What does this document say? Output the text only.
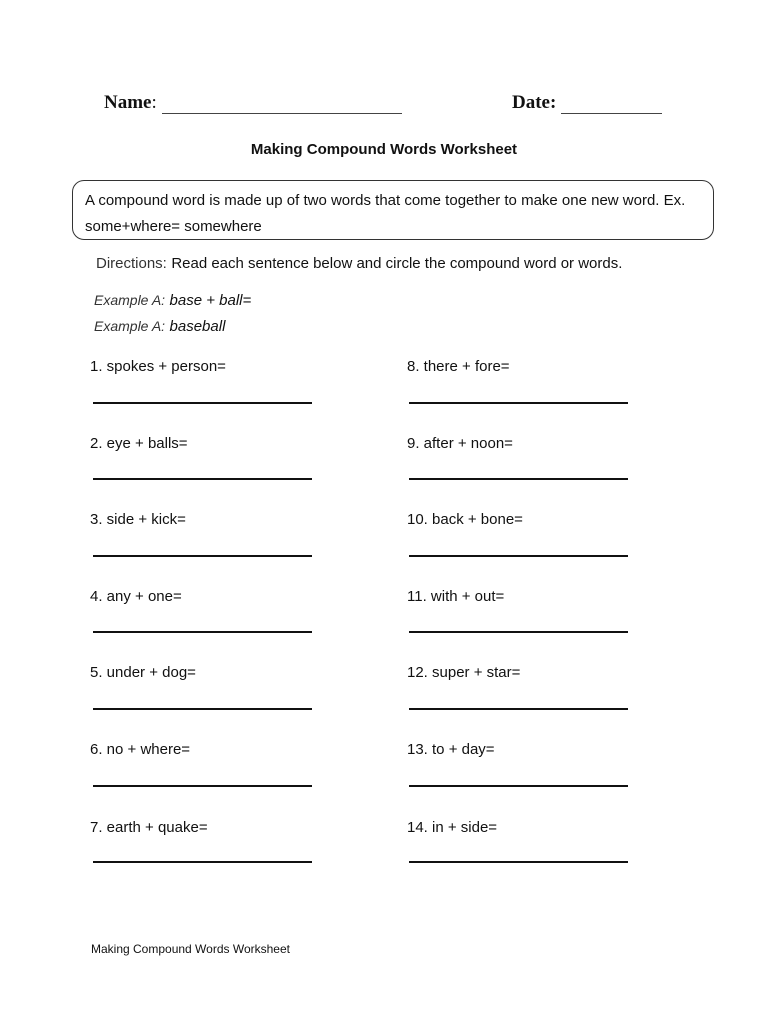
Name:	Date:
Making Compound Words Worksheet
A compound word is made up of two words that come together to make one new word. Ex. some+where= somewhere
Directions: Read each sentence below and circle the compound word or words.
Example A: base + ball=
Example A: baseball
1. spokes + person=
2. eye + balls=
3. side + kick=
4. any + one=
5. under + dog=
6. no + where=
7. earth + quake=
8. there + fore=
9. after + noon=
10. back + bone=
11. with + out=
12. super + star=
13. to + day=
14. in + side=
Making Compound Words Worksheet
